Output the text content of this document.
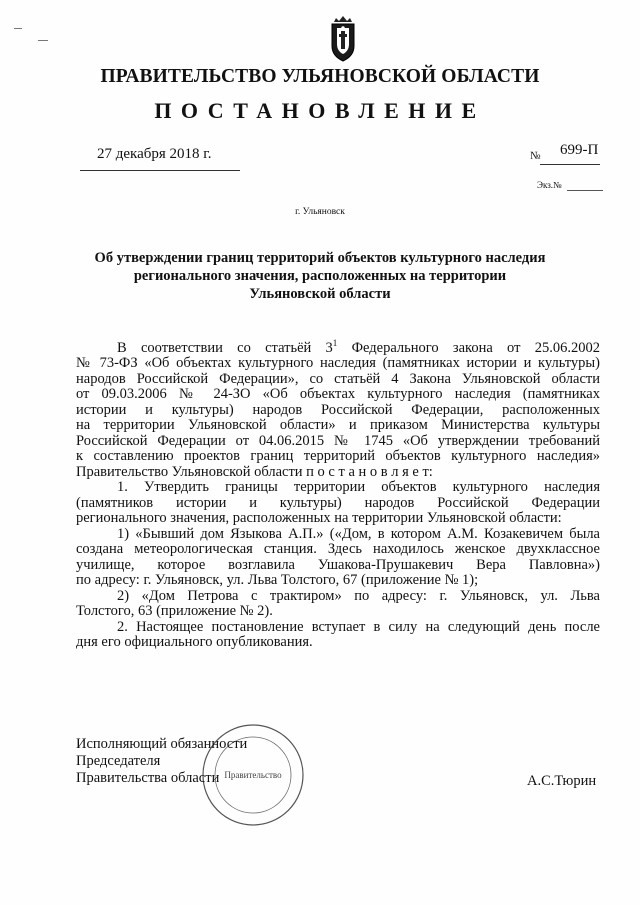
ПРАВИТЕЛЬСТВО УЛЬЯНОВСКОЙ ОБЛАСТИ
ПОСТАНОВЛЕНИЕ
27 декабря 2018 г.	№ 699-П
Экз.№
г. Ульяновск
Об утверждении границ территорий объектов культурного наследия
регионального значения, расположенных на территории
Ульяновской области

В соответствии со статьёй $3^1$ Федерального закона от 25.06.2002

№ 73-ФЗ «Об объектах культурного наследия (памятниках истории и культуры)

народов Российской Федерации», со статьёй 4 Закона Ульяновской области

от 09.03.2006 № 24-ЗО «Об объектах культурного наследия (памятниках

истории и культуры) народов Российской Федерации, расположенных

на территории Ульяновской области» и приказом Министерства культуры

Российской Федерации от 04.06.2015 № 1745 «Об утверждении требований

к составлению проектов границ территорий объектов культурного наследия»

Правительство Ульяновской области п о с т а н о в л я е т:

1. Утвердить границы территории объектов культурного наследия

(памятников истории и культуры) народов Российской Федерации

регионального значения, расположенных на территории Ульяновской области:

1) «Бывший дом Языкова А.П.» («Дом, в котором А.М. Козакевичем была

создана метеорологическая станция. Здесь находилось женское двухклассное

училище, которое возглавила Ушакова-Прушакевич Вера Павловна»)

по адресу: г. Ульяновск, ул. Льва Толстого, 67 (приложение № 1);

2) «Дом Петрова с трактиром» по адресу: г. Ульяновск, ул. Льва

Толстого, 63 (приложение № 2).

2. Настоящее постановление вступает в силу на следующий день после

дня его официального опубликования.

Правительство
Исполняющий обязанности
Председателя
Правительства области	А.С.Тюрин
